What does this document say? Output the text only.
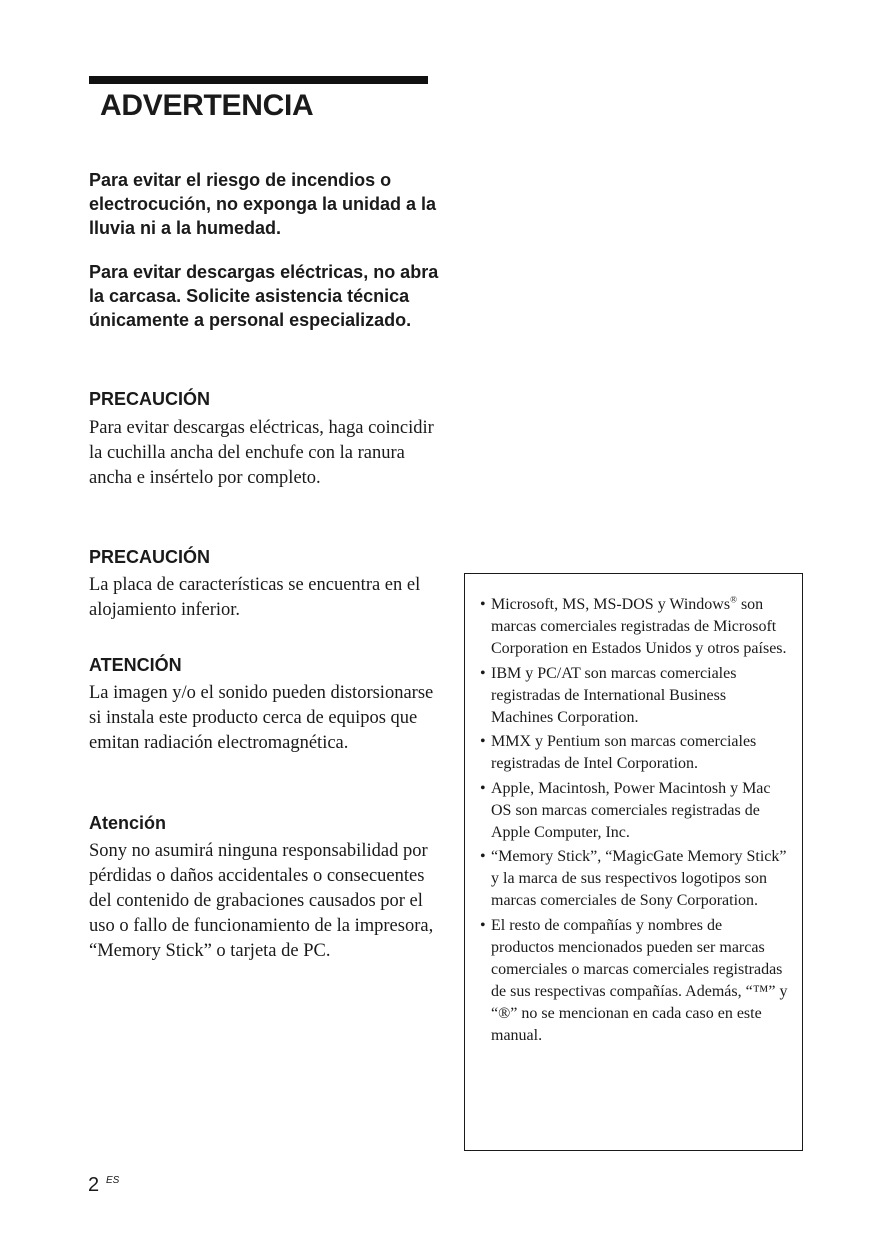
ADVERTENCIA

Para evitar el riesgo de incendios o electrocución, no exponga la unidad a la lluvia ni a la humedad.

Para evitar descargas eléctricas, no abra la carcasa. Solicite asistencia técnica únicamente a personal especializado.

PRECAUCIÓN

Para evitar descargas eléctricas, haga coincidir la cuchilla ancha del enchufe con la ranura ancha e insértelo por completo.

PRECAUCIÓN

La placa de características se encuentra en el alojamiento inferior.

ATENCIÓN

La imagen y/o el sonido pueden distorsionarse si instala este producto cerca de equipos que emitan radiación electromagnética.

Atención

Sony no asumirá ninguna responsabilidad por pérdidas o daños accidentales o consecuentes del contenido de grabaciones causados por el uso o fallo de funcionamiento de la impresora, “Memory Stick” o tarjeta de PC.

• Microsoft, MS, MS-DOS y Windows® son marcas comerciales registradas de Microsoft Corporation en Estados Unidos y otros países.
• IBM y PC/AT son marcas comerciales registradas de International Business Machines Corporation.
• MMX y Pentium son marcas comerciales registradas de Intel Corporation.
• Apple, Macintosh, Power Macintosh y Mac OS son marcas comerciales registradas de Apple Computer, Inc.
• “Memory Stick”, “MagicGate Memory Stick” y la marca de sus respectivos logotipos son marcas comerciales de Sony Corporation.
• El resto de compañías y nombres de productos mencionados pueden ser marcas comerciales o marcas comerciales registradas de sus respectivas compañías. Además, “™” y “®” no se mencionan en cada caso en este manual.
2 ES
